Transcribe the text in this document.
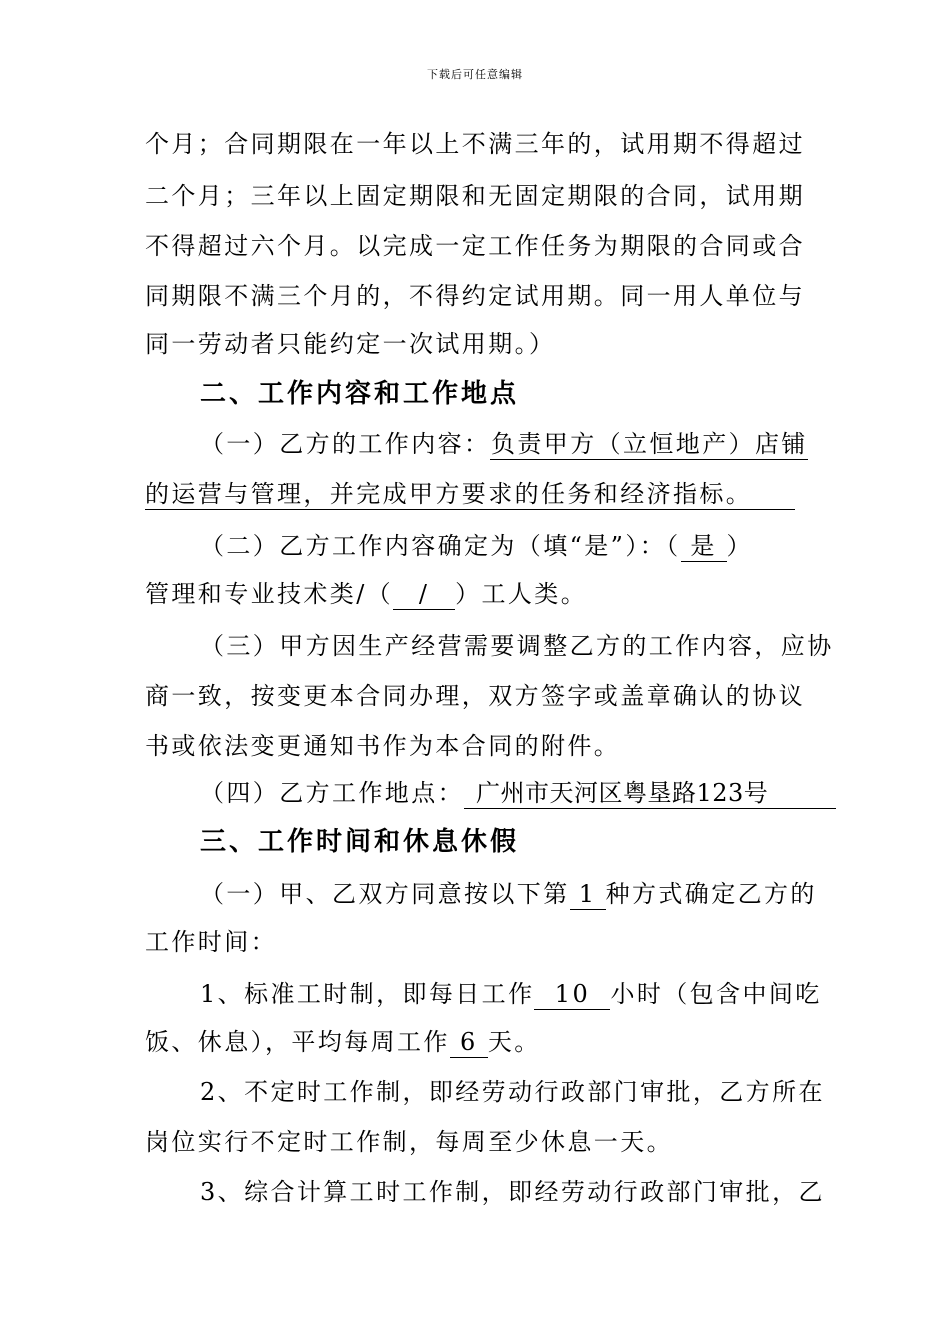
下载后可任意编辑
个月；合同期限在一年以上不满三年的，试用期不得超过
二个月；三年以上固定期限和无固定期限的合同，试用期
不得超过六个月。以完成一定工作任务为期限的合同或合
同期限不满三个月的，不得约定试用期。同一用人单位与
同一劳动者只能约定一次试用期。）
二、工作内容和工作地点
（一）乙方的工作内容：负责甲方（立恒地产）店铺
的运营与管理，并完成甲方要求的任务和经济指标。
（二）乙方工作内容确定为（填“是”）：（ 是 ）
管理和专业技术类/（ / ）工人类。
（三）甲方因生产经营需要调整乙方的工作内容，应协
商一致，按变更本合同办理，双方签字或盖章确认的协议
书或依法变更通知书作为本合同的附件。
（四）乙方工作地点： 广州市天河区粤垦路123号
三、工作时间和休息休假
（一）甲、乙双方同意按以下第 1 种方式确定乙方的
工作时间：
1、标准工时制，即每日工作 10 小时（包含中间吃
饭、休息），平均每周工作 6 天。
2、不定时工作制，即经劳动行政部门审批，乙方所在
岗位实行不定时工作制，每周至少休息一天。
3、综合计算工时工作制，即经劳动行政部门审批，乙
